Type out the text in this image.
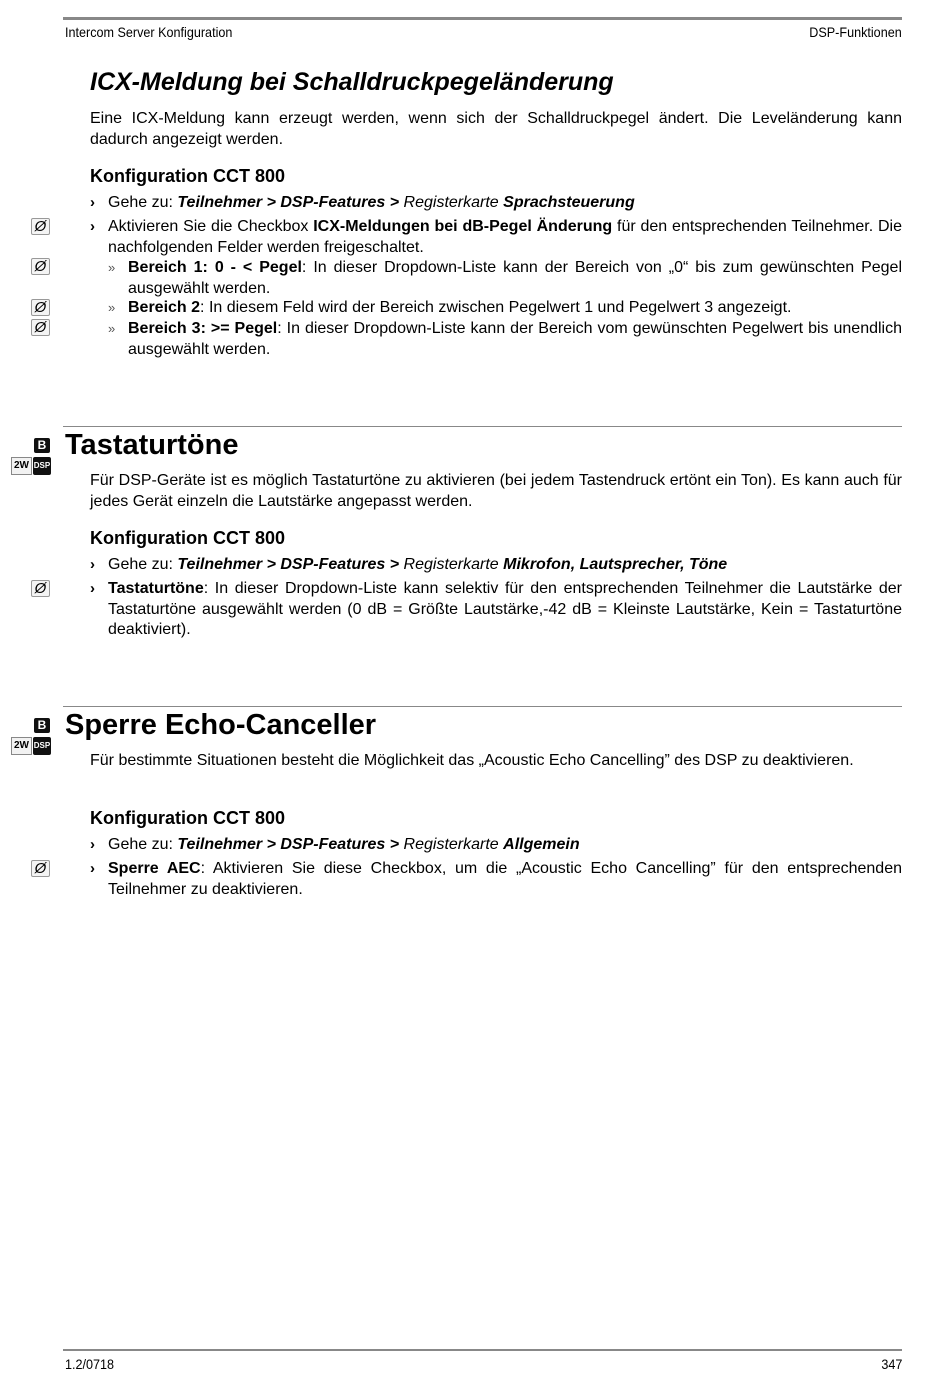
Intercom Server Konfiguration	DSP-Funktionen
ICX-Meldung bei Schalldruckpegeländerung
Eine ICX-Meldung kann erzeugt werden, wenn sich der Schalldruckpegel ändert. Die Leveländerung kann dadurch angezeigt werden.
Konfiguration CCT 800
› Gehe zu: Teilnehmer > DSP-Features > Registerkarte Sprachsteuerung
Ø	› Aktivieren Sie die Checkbox ICX-Meldungen bei dB-Pegel Änderung für den entsprechenden Teilnehmer. Die nachfolgenden Felder werden freigeschaltet.
Ø	» Bereich 1: 0 - < Pegel: In dieser Dropdown-Liste kann der Bereich von „0“ bis zum gewünschten Pegel ausgewählt werden.
Ø	» Bereich 2: In diesem Feld wird der Bereich zwischen Pegelwert 1 und Pegelwert 3 angezeigt.
Ø	» Bereich 3: >= Pegel: In dieser Dropdown-Liste kann der Bereich vom gewünschten Pegelwert bis unendlich ausgewählt werden.
B
2W DSP
Tastaturtöne
Für DSP-Geräte ist es möglich Tastaturtöne zu aktivieren (bei jedem Tastendruck ertönt ein Ton). Es kann auch für jedes Gerät einzeln die Lautstärke angepasst werden.
Konfiguration CCT 800
› Gehe zu: Teilnehmer > DSP-Features > Registerkarte Mikrofon, Lautsprecher, Töne
Ø	› Tastaturtöne: In dieser Dropdown-Liste kann selektiv für den entsprechenden Teilnehmer die Lautstärke der Tastaturtöne ausgewählt werden (0 dB = Größte Lautstärke,-42 dB = Kleinste Lautstärke, Kein = Tastaturtöne deaktiviert).
B
2W DSP
Sperre Echo-Canceller
Für bestimmte Situationen besteht die Möglichkeit das „Acoustic Echo Cancelling” des DSP zu deaktivieren.
Konfiguration CCT 800
› Gehe zu: Teilnehmer > DSP-Features > Registerkarte Allgemein
Ø	› Sperre AEC: Aktivieren Sie diese Checkbox, um die „Acoustic Echo Cancelling” für den entsprechenden Teilnehmer zu deaktivieren.
1.2/0718	347
